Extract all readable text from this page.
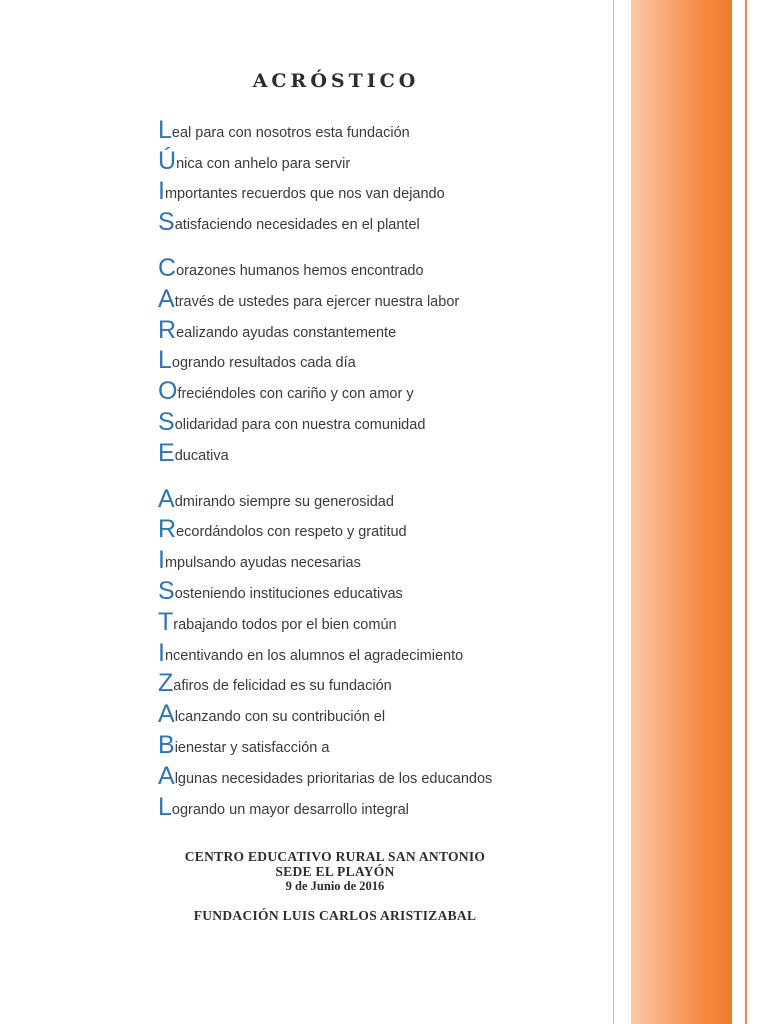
ACRÓSTICO
L eal para con nosotros esta fundación
Ú nica con anhelo para servir
I mportantes recuerdos que nos van dejando
S atisfaciendo necesidades en el plantel
C orazones humanos hemos encontrado
A través de ustedes para ejercer nuestra labor
R ealizando ayudas constantemente
L ogrando resultados cada día
O freciéndoles con cariño y con amor y
S olidaridad para con nuestra comunidad
E ducativa
A dmirando siempre su generosidad
R ecordándolos con respeto y gratitud
I mpulsando ayudas necesarias
S osteniendo instituciones educativas
T rabajando todos por el bien común
I ncentivando en los alumnos el agradecimiento
Z afiros de felicidad es su fundación
A lcanzando con su contribución el
B ienestar y satisfacción a
A lgunas necesidades prioritarias de los educandos
L ogrando un mayor desarrollo integral
CENTRO EDUCATIVO RURAL SAN ANTONIO
SEDE EL PLAYÓN
9 de Junio de 2016
FUNDACIÓN LUIS CARLOS ARISTIZABAL
